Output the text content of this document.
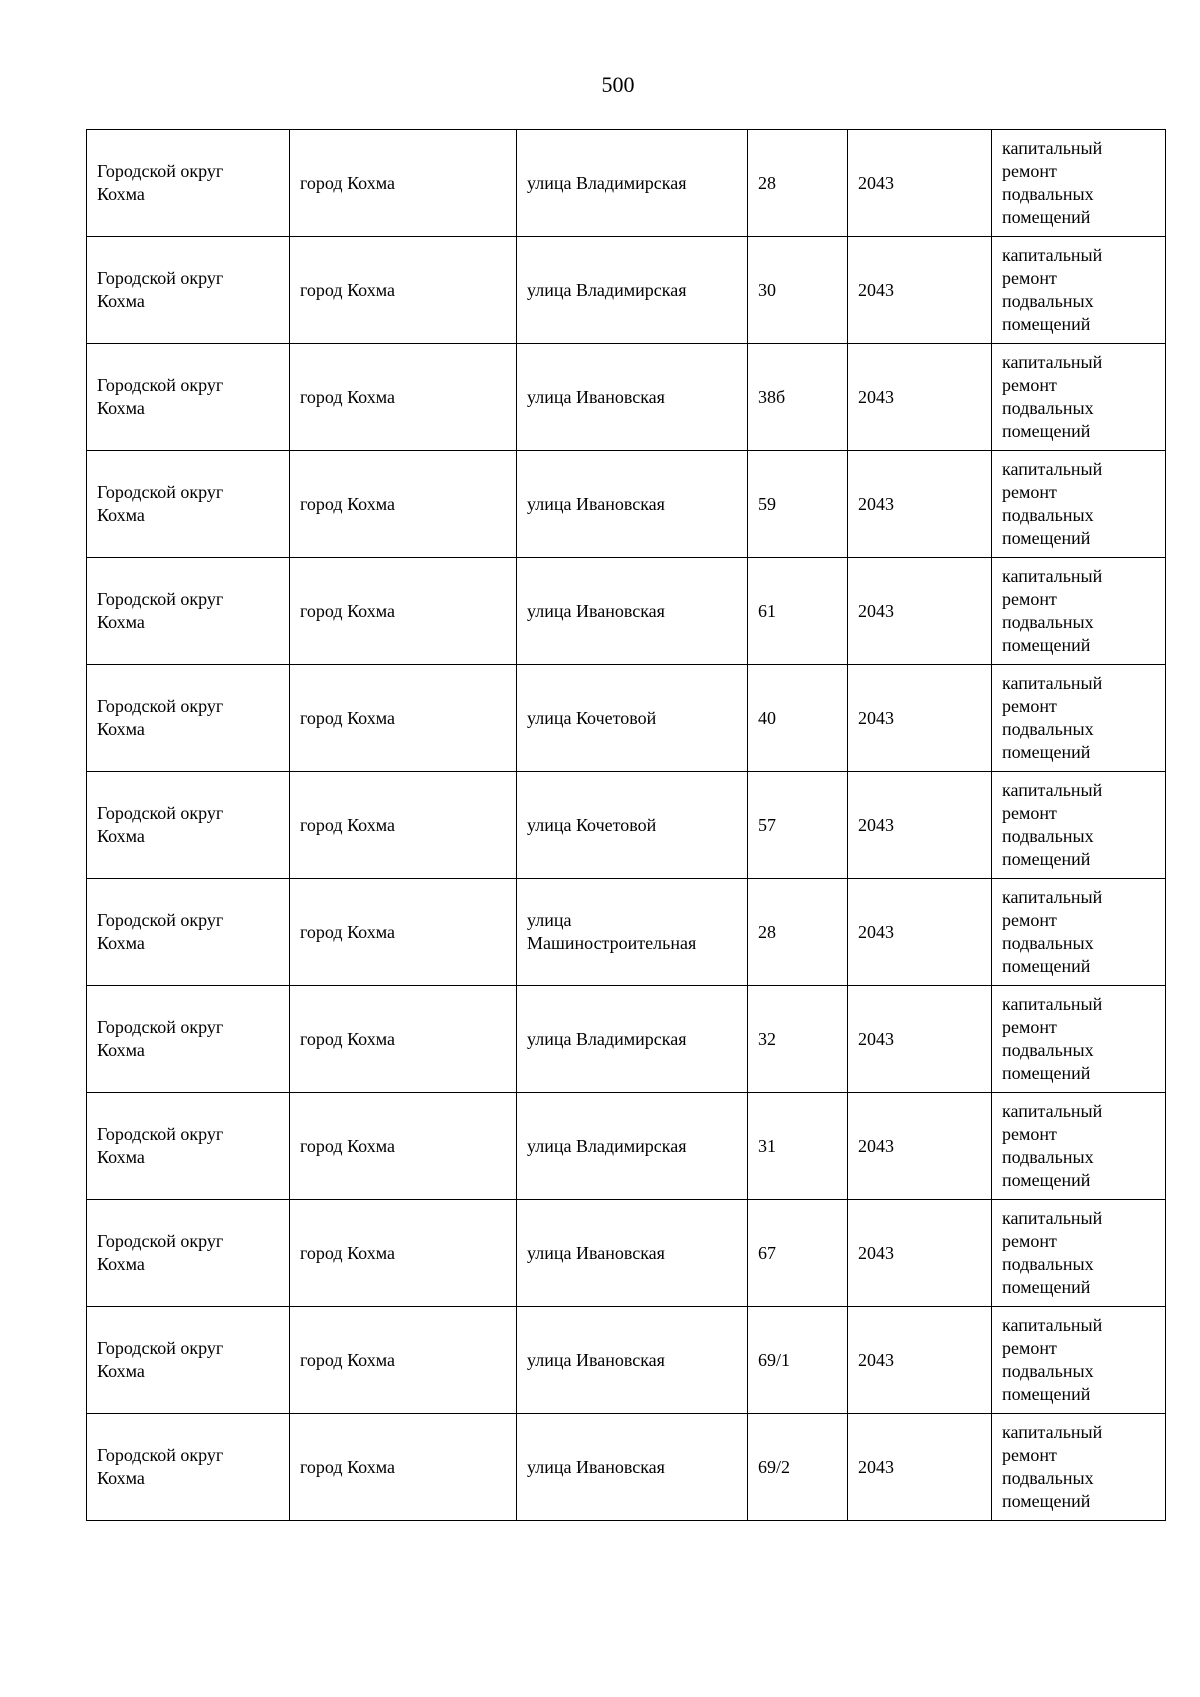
500
Городской округ
Кохма	город Кохма	улица Владимирская	28	2043	капитальный
ремонт
подвальных
помещений
Городской округ
Кохма	город Кохма	улица Владимирская	30	2043	капитальный
ремонт
подвальных
помещений
Городской округ
Кохма	город Кохма	улица Ивановская	38б	2043	капитальный
ремонт
подвальных
помещений
Городской округ
Кохма	город Кохма	улица Ивановская	59	2043	капитальный
ремонт
подвальных
помещений
Городской округ
Кохма	город Кохма	улица Ивановская	61	2043	капитальный
ремонт
подвальных
помещений
Городской округ
Кохма	город Кохма	улица Кочетовой	40	2043	капитальный
ремонт
подвальных
помещений
Городской округ
Кохма	город Кохма	улица Кочетовой	57	2043	капитальный
ремонт
подвальных
помещений
Городской округ
Кохма	город Кохма	улица
Машиностроительная	28	2043	капитальный
ремонт
подвальных
помещений
Городской округ
Кохма	город Кохма	улица Владимирская	32	2043	капитальный
ремонт
подвальных
помещений
Городской округ
Кохма	город Кохма	улица Владимирская	31	2043	капитальный
ремонт
подвальных
помещений
Городской округ
Кохма	город Кохма	улица Ивановская	67	2043	капитальный
ремонт
подвальных
помещений
Городской округ
Кохма	город Кохма	улица Ивановская	69/1	2043	капитальный
ремонт
подвальных
помещений
Городской округ
Кохма	город Кохма	улица Ивановская	69/2	2043	капитальный
ремонт
подвальных
помещений
